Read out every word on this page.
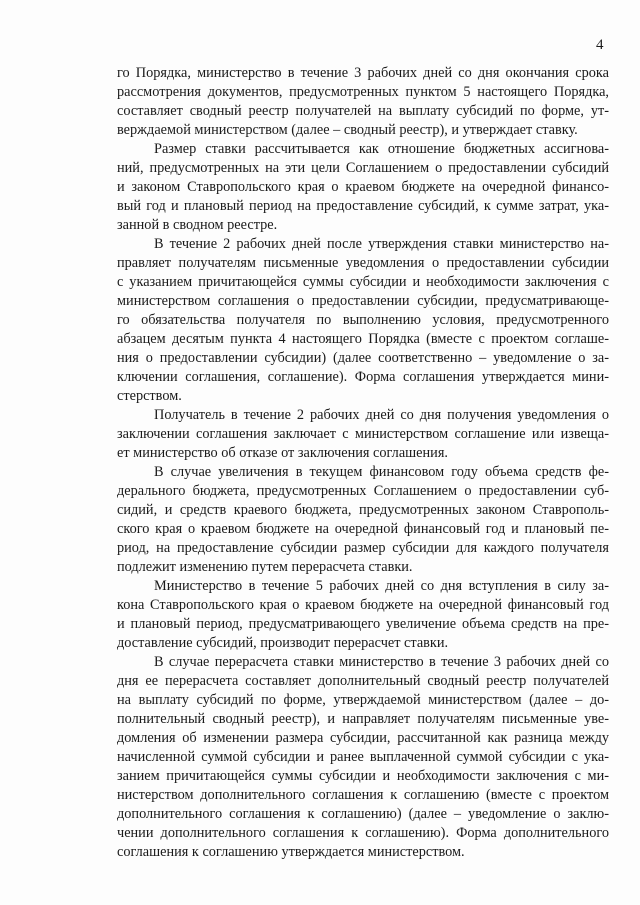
4
го Порядка, министерство в течение 3 рабочих дней со дня окончания срока
рассмотрения документов, предусмотренных пунктом 5 настоящего Порядка,
составляет сводный реестр получателей на выплату субсидий по форме, ут-
верждаемой министерством (далее – сводный реестр), и утверждает ставку.
Размер ставки рассчитывается как отношение бюджетных ассигнова-
ний, предусмотренных на эти цели Соглашением о предоставлении субсидий
и законом Ставропольского края о краевом бюджете на очередной финансо-
вый год и плановый период на предоставление субсидий, к сумме затрат, ука-
занной в сводном реестре.
В течение 2 рабочих дней после утверждения ставки министерство на-
правляет получателям письменные уведомления о предоставлении субсидии
с указанием причитающейся суммы субсидии и необходимости заключения с
министерством соглашения о предоставлении субсидии, предусматривающе-
го обязательства получателя по выполнению условия, предусмотренного
абзацем десятым пункта 4 настоящего Порядка (вместе с проектом соглаше-
ния о предоставлении субсидии) (далее соответственно – уведомление о за-
ключении соглашения, соглашение). Форма соглашения утверждается мини-
стерством.
Получатель в течение 2 рабочих дней со дня получения уведомления о
заключении соглашения заключает с министерством соглашение или извеща-
ет министерство об отказе от заключения соглашения.
В случае увеличения в текущем финансовом году объема средств фе-
дерального бюджета, предусмотренных Соглашением о предоставлении суб-
сидий, и средств краевого бюджета, предусмотренных законом Ставрополь-
ского края о краевом бюджете на очередной финансовый год и плановый пе-
риод, на предоставление субсидии размер субсидии для каждого получателя
подлежит изменению путем перерасчета ставки.
Министерство в течение 5 рабочих дней со дня вступления в силу за-
кона Ставропольского края о краевом бюджете на очередной финансовый год
и плановый период, предусматривающего увеличение объема средств на пре-
доставление субсидий, производит перерасчет ставки.
В случае перерасчета ставки министерство в течение 3 рабочих дней со
дня ее перерасчета составляет дополнительный сводный реестр получателей
на выплату субсидий по форме, утверждаемой министерством (далее – до-
полнительный сводный реестр), и направляет получателям письменные уве-
домления об изменении размера субсидии, рассчитанной как разница между
начисленной суммой субсидии и ранее выплаченной суммой субсидии с ука-
занием причитающейся суммы субсидии и необходимости заключения с ми-
нистерством дополнительного соглашения к соглашению (вместе с проектом
дополнительного соглашения к соглашению) (далее – уведомление о заклю-
чении дополнительного соглашения к соглашению). Форма дополнительного
соглашения к соглашению утверждается министерством.
